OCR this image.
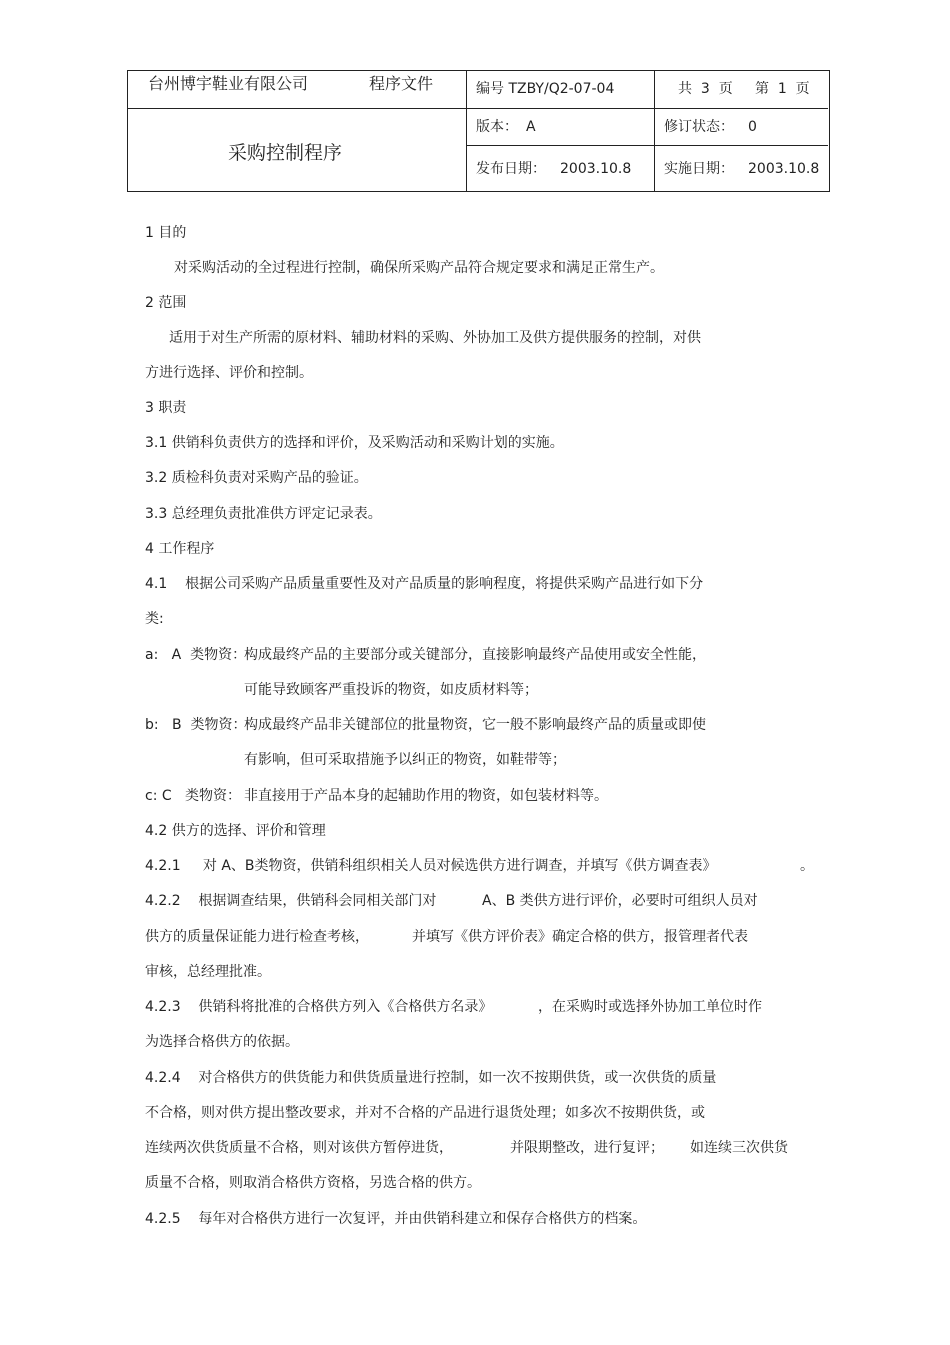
台州博宇鞋业有限公司	程序文件
采购控制程序
编号 TZBY/Q2-07-04	共  3  页     第  1  页
版本： A	修订状态： 0
发布日期： 2003.10.8 实施日期： 2003.10.8
1 目的
对采购活动的全过程进行控制，确保所采购产品符合规定要求和满足正常生产。
2 范围
适用于对生产所需的原材料、辅助材料的采购、外协加工及供方提供服务的控制，对供
方进行选择、评价和控制。
3 职责
3.1 供销科负责供方的选择和评价，及采购活动和采购计划的实施。
3.2 质检科负责对采购产品的验证。
3.3 总经理负责批准供方评定记录表。
4 工作程序
4.1    根据公司采购产品质量重要性及对产品质量的影响程度，将提供采购产品进行如下分
类:
a:   A  类物资：
构成最终产品的主要部分或关键部分，直接影响最终产品使用或安全性能，
可能导致顾客严重投诉的物资，如皮质材料等；
b:   B  类物资：
构成最终产品非关键部位的批量物资，它一般不影响最终产品的质量或即使
有影响，但可采取措施予以纠正的物资，如鞋带等；
c: C   类物资： 非直接用于产品本身的起辅助作用的物资，如包装材料等。
4.2 供方的选择、评价和管理
4.2.1     对 A、B类物资，供销科组织相关人员对候选供方进行调查，并填写《供方调查表》	。
4.2.2    根据调查结果，供销科会同相关部门对	A、B 类供方进行评价，必要时可组织人员对
供方的质量保证能力进行检查考核，	并填写《供方评价表》确定合格的供方，报管理者代表
审核，总经理批准。
4.2.3    供销科将批准的合格供方列入《合格供方名录》	，在采购时或选择外协加工单位时作
为选择合格供方的依据。
4.2.4    对合格供方的供货能力和供货质量进行控制，如一次不按期供货，或一次供货的质量
不合格，则对供方提出整改要求，并对不合格的产品进行退货处理；如多次不按期供货，或
连续两次供货质量不合格，则对该供方暂停进货，	并限期整改，进行复评； 如连续三次供货
质量不合格，则取消合格供方资格，另选合格的供方。
4.2.5    每年对合格供方进行一次复评，并由供销科建立和保存合格供方的档案。
